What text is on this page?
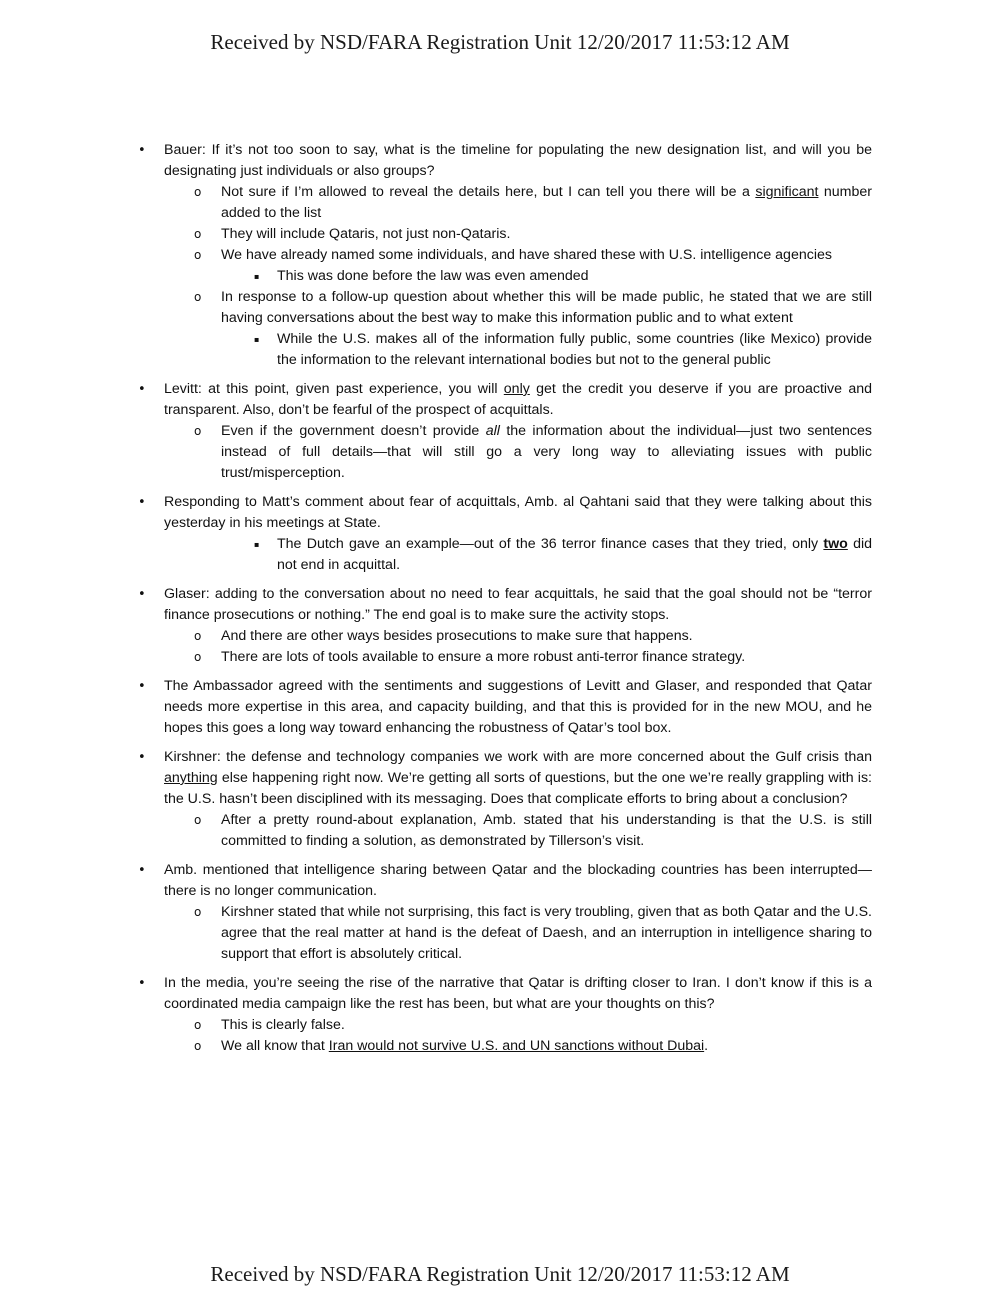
Received by NSD/FARA Registration Unit 12/20/2017 11:53:12 AM
• Bauer: If it’s not too soon to say, what is the timeline for populating the new designation list, and will you be designating just individuals or also groups?
o Not sure if I’m allowed to reveal the details here, but I can tell you there will be a significant number added to the list
o They will include Qataris, not just non-Qataris.
o We have already named some individuals, and have shared these with U.S. intelligence agencies
▪ This was done before the law was even amended
o In response to a follow-up question about whether this will be made public, he stated that we are still having conversations about the best way to make this information public and to what extent
▪ While the U.S. makes all of the information fully public, some countries (like Mexico) provide the information to the relevant international bodies but not to the general public
• Levitt: at this point, given past experience, you will only get the credit you deserve if you are proactive and transparent. Also, don’t be fearful of the prospect of acquittals.
o Even if the government doesn’t provide all the information about the individual—just two sentences instead of full details—that will still go a very long way to alleviating issues with public trust/misperception.
• Responding to Matt’s comment about fear of acquittals, Amb. al Qahtani said that they were talking about this yesterday in his meetings at State.
▪ The Dutch gave an example—out of the 36 terror finance cases that they tried, only two did not end in acquittal.
• Glaser: adding to the conversation about no need to fear acquittals, he said that the goal should not be “terror finance prosecutions or nothing.” The end goal is to make sure the activity stops.
o And there are other ways besides prosecutions to make sure that happens.
o There are lots of tools available to ensure a more robust anti-terror finance strategy.
• The Ambassador agreed with the sentiments and suggestions of Levitt and Glaser, and responded that Qatar needs more expertise in this area, and capacity building, and that this is provided for in the new MOU, and he hopes this goes a long way toward enhancing the robustness of Qatar’s tool box.
• Kirshner: the defense and technology companies we work with are more concerned about the Gulf crisis than anything else happening right now. We’re getting all sorts of questions, but the one we’re really grappling with is: the U.S. hasn’t been disciplined with its messaging. Does that complicate efforts to bring about a conclusion?
o After a pretty round-about explanation, Amb. stated that his understanding is that the U.S. is still committed to finding a solution, as demonstrated by Tillerson’s visit.
• Amb. mentioned that intelligence sharing between Qatar and the blockading countries has been interrupted—there is no longer communication.
o Kirshner stated that while not surprising, this fact is very troubling, given that as both Qatar and the U.S. agree that the real matter at hand is the defeat of Daesh, and an interruption in intelligence sharing to support that effort is absolutely critical.
• In the media, you’re seeing the rise of the narrative that Qatar is drifting closer to Iran. I don’t know if this is a coordinated media campaign like the rest has been, but what are your thoughts on this?
o This is clearly false.
o We all know that Iran would not survive U.S. and UN sanctions without Dubai.
Received by NSD/FARA Registration Unit 12/20/2017 11:53:12 AM
